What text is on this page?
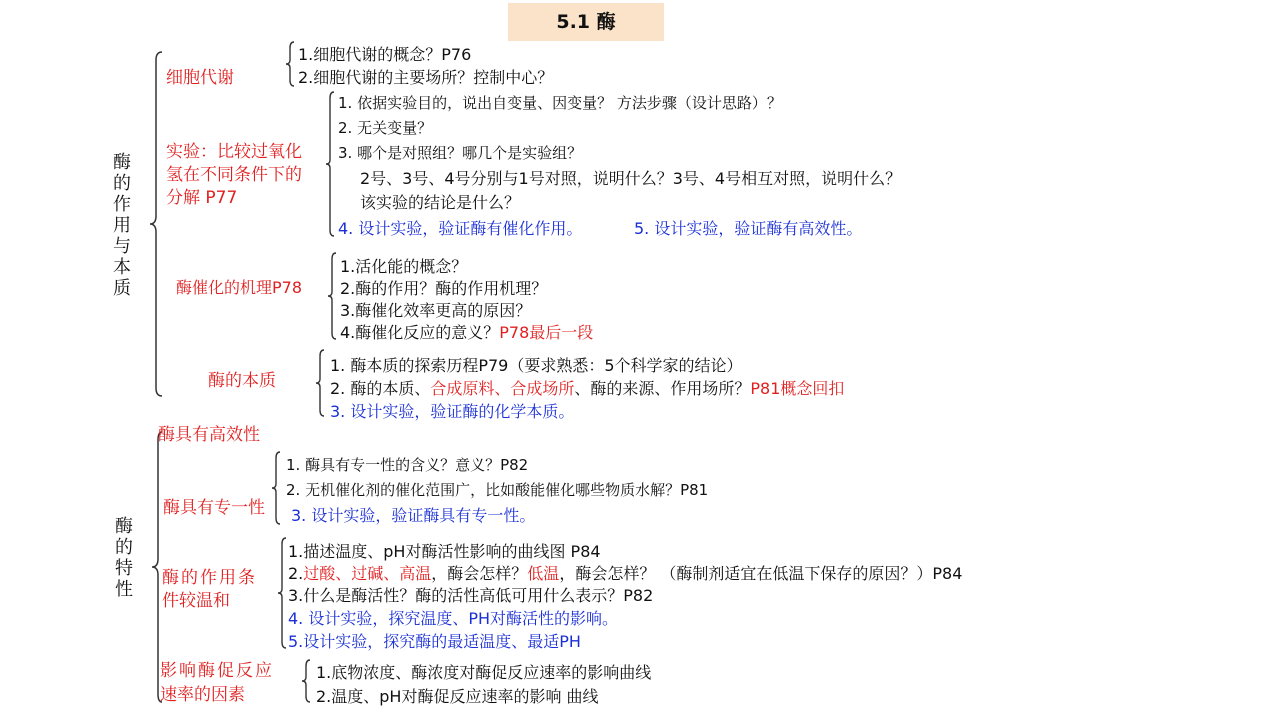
5.1 酶
酶的作用与本质
细胞代谢
1.细胞代谢的概念？P76
2.细胞代谢的主要场所？控制中心？
实验：比较过氧化
氢在不同条件下的
分解 P77
1. 依据实验目的，说出自变量、因变量？ 方法步骤（设计思路）？
2. 无关变量？
3. 哪个是对照组？哪几个是实验组？
2号、3号、4号分别与1号对照，说明什么？3号、4号相互对照，说明什么？
该实验的结论是什么？
4. 设计实验，验证酶有催化作用。	5. 设计实验，验证酶有高效性。
酶催化的机理P78
1.活化能的概念？
2.酶的作用？酶的作用机理？
3.酶催化效率更高的原因？
4.酶催化反应的意义？P78最后一段
酶的本质
1. 酶本质的探索历程P79（要求熟悉：5个科学家的结论）
2. 酶的本质、合成原料、合成场所、酶的来源、作用场所？P81概念回扣
3. 设计实验，验证酶的化学本质。
酶的特性
酶具有高效性
酶具有专一性
1. 酶具有专一性的含义？意义？P82
2. 无机催化剂的催化范围广，比如酸能催化哪些物质水解？P81
3. 设计实验，验证酶具有专一性。
酶的作用条
件较温和
1.描述温度、pH对酶活性影响的曲线图 P84
2.过酸、过碱、高温，酶会怎样？低温，酶会怎样？ （酶制剂适宜在低温下保存的原因？）P84
3.什么是酶活性？酶的活性高低可用什么表示？P82
4. 设计实验，探究温度、PH对酶活性的影响。
5.设计实验，探究酶的最适温度、最适PH
影响酶促反应
速率的因素
1.底物浓度、酶浓度对酶促反应速率的影响曲线
2.温度、pH对酶促反应速率的影响 曲线
